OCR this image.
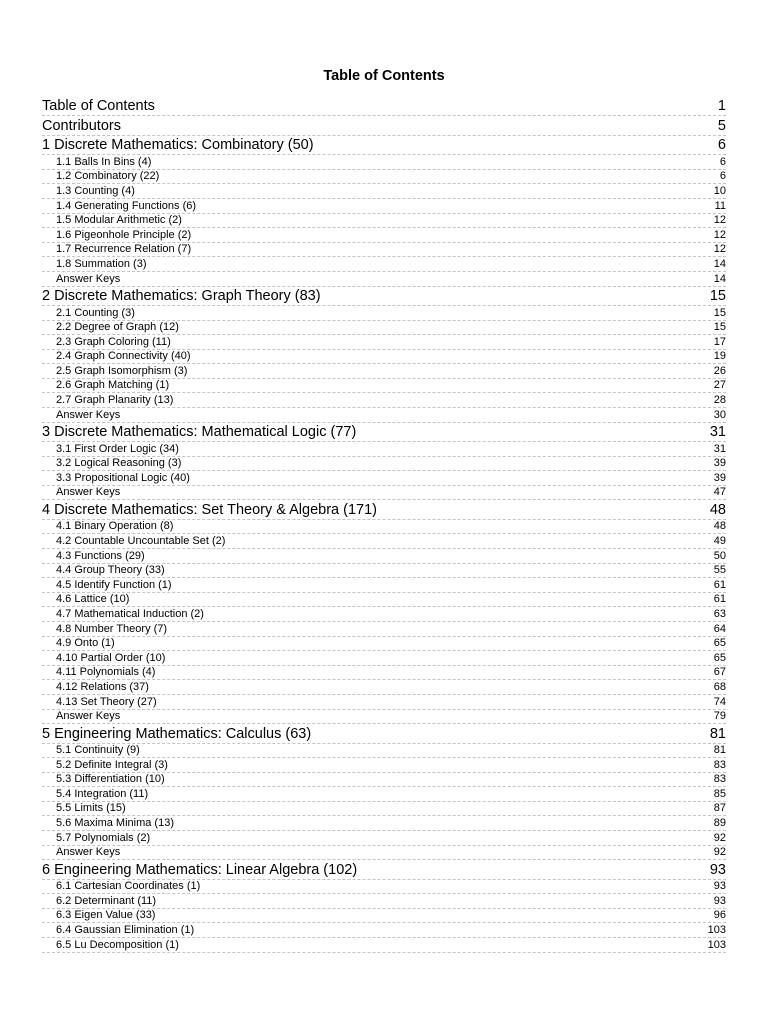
Table of Contents
Table of Contents	1
Contributors	5
1 Discrete Mathematics: Combinatory (50)	6
1.1 Balls In Bins (4)	6
1.2 Combinatory (22)	6
1.3 Counting (4)	10
1.4 Generating Functions (6)	11
1.5 Modular Arithmetic (2)	12
1.6 Pigeonhole Principle (2)	12
1.7 Recurrence Relation (7)	12
1.8 Summation (3)	14
Answer Keys	14
2 Discrete Mathematics: Graph Theory (83)	15
2.1 Counting (3)	15
2.2 Degree of Graph (12)	15
2.3 Graph Coloring (11)	17
2.4 Graph Connectivity (40)	19
2.5 Graph Isomorphism (3)	26
2.6 Graph Matching (1)	27
2.7 Graph Planarity (13)	28
Answer Keys	30
3 Discrete Mathematics: Mathematical Logic (77)	31
3.1 First Order Logic (34)	31
3.2 Logical Reasoning (3)	39
3.3 Propositional Logic (40)	39
Answer Keys	47
4 Discrete Mathematics: Set Theory & Algebra (171)	48
4.1 Binary Operation (8)	48
4.2 Countable Uncountable Set (2)	49
4.3 Functions (29)	50
4.4 Group Theory (33)	55
4.5 Identify Function (1)	61
4.6 Lattice (10)	61
4.7 Mathematical Induction (2)	63
4.8 Number Theory (7)	64
4.9 Onto (1)	65
4.10 Partial Order (10)	65
4.11 Polynomials (4)	67
4.12 Relations (37)	68
4.13 Set Theory (27)	74
Answer Keys	79
5 Engineering Mathematics: Calculus (63)	81
5.1 Continuity (9)	81
5.2 Definite Integral (3)	83
5.3 Differentiation (10)	83
5.4 Integration (11)	85
5.5 Limits (15)	87
5.6 Maxima Minima (13)	89
5.7 Polynomials (2)	92
Answer Keys	92
6 Engineering Mathematics: Linear Algebra (102)	93
6.1 Cartesian Coordinates (1)	93
6.2 Determinant (11)	93
6.3 Eigen Value (33)	96
6.4 Gaussian Elimination (1)	103
6.5 Lu Decomposition (1)	103
